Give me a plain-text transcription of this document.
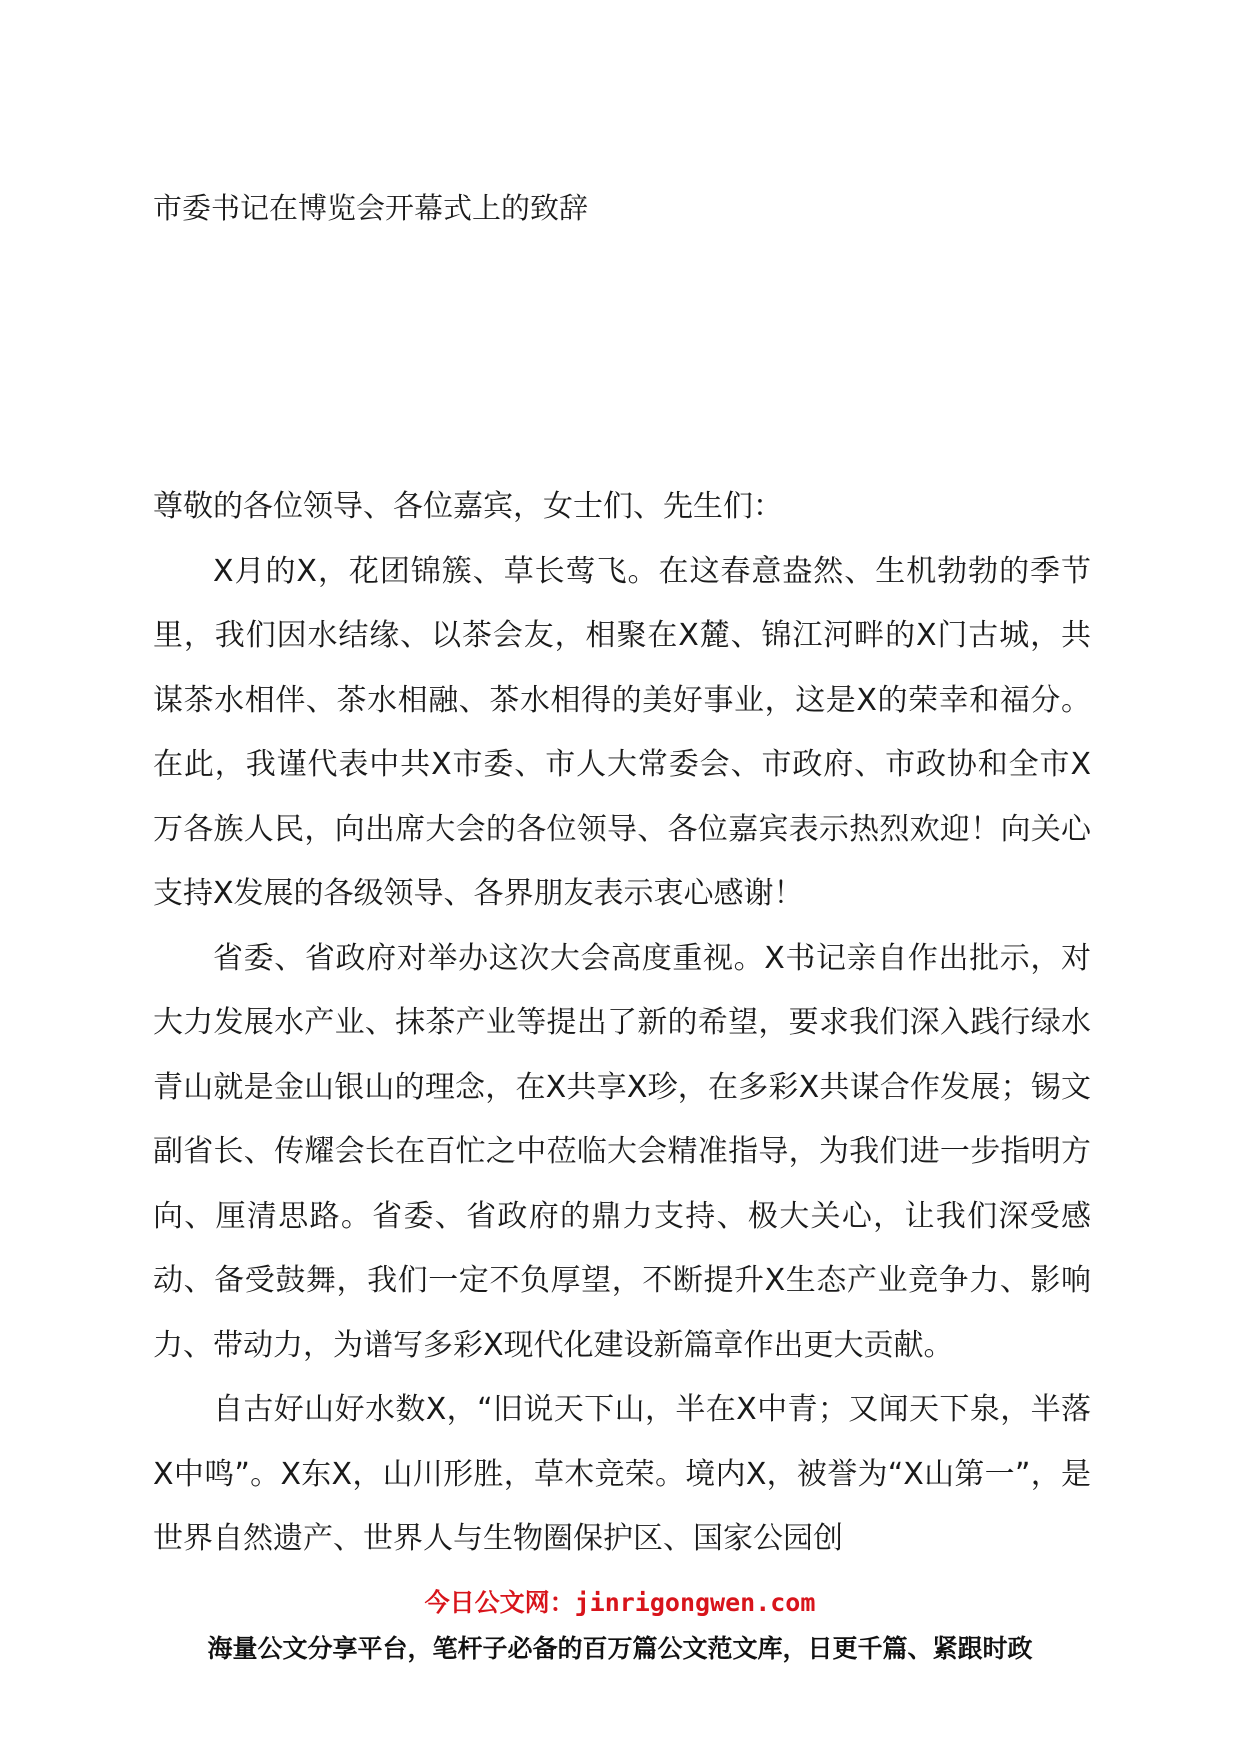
市委书记在博览会开幕式上的致辞

尊敬的各位领导、各位嘉宾，女士们、先生们：

X月的X，花团锦簇、草长莺飞。在这春意盎然、生机勃勃的季节里，我们因水结缘、以茶会友，相聚在X麓、锦江河畔的X门古城，共谋茶水相伴、茶水相融、茶水相得的美好事业，这是X的荣幸和福分。在此，我谨代表中共X市委、市人大常委会、市政府、市政协和全市X万各族人民，向出席大会的各位领导、各位嘉宾表示热烈欢迎！向关心支持X发展的各级领导、各界朋友表示衷心感谢！

省委、省政府对举办这次大会高度重视。X书记亲自作出批示，对大力发展水产业、抹茶产业等提出了新的希望，要求我们深入践行绿水青山就是金山银山的理念，在X共享X珍，在多彩X共谋合作发展；锡文副省长、传耀会长在百忙之中莅临大会精准指导，为我们进一步指明方向、厘清思路。省委、省政府的鼎力支持、极大关心，让我们深受感动、备受鼓舞，我们一定不负厚望，不断提升X生态产业竞争力、影响力、带动力，为谱写多彩X现代化建设新篇章作出更大贡献。

自古好山好水数X，“旧说天下山，半在X中青；又闻天下泉，半落X中鸣”。X东X，山川形胜，草木竞荣。境内X，被誉为“X山第一”，是世界自然遗产、世界人与生物圈保护区、国家公园创

今日公文网：jinrigongwen.com
海量公文分享平台，笔杆子必备的百万篇公文范文库，日更千篇、紧跟时政
